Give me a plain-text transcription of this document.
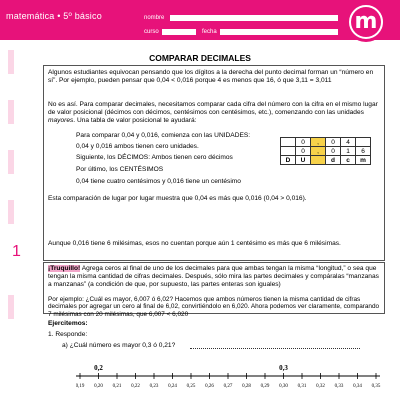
matemática • 5º básico	nombre
curso	fecha	m
1
COMPARAR DECIMALES

Algunos estudiantes equivocan pensando que los dígitos a la derecha del punto decimal forman un “número en sí”. Por ejemplo, pueden pensar que 0,04 < 0,016 porque 4 es menos que 16, ó que 3,11 = 3,011

No es así. Para comparar decimales, necesitamos comparar cada cifra del número con la cifra en el mismo lugar de valor posicional (décimos con décimos, centésimos con centésimos, etc.), comenzando con las unidades mayores. Una tabla de valor posicional te ayudará:

Para comparar 0,04 y 0,016, comienza con las UNIDADES:

0,04 y 0,016 ambos tienen cero unidades.

Siguiente, los DÉCIMOS: Ambos tienen cero décimos

Por último, los CENTÉSIMOS

0,04 tiene cuatro centésimos y 0,016 tiene un centésimo

	0	,	0	4	
	0	,	0	1	6
D	U		d	c	m

Esta comparación de lugar por lugar muestra que 0,04 es más que 0,016 (0,04 > 0,016).

Aunque 0,016 tiene 6 milésimas, esos no cuentan porque aún 1 centésimo es más que 6 milésimas.

¡Truquillo! Agrega ceros al final de uno de los decimales para que ambas tengan la misma “longitud,” o sea que tengan la misma cantidad de cifras decimales. Después, sólo mira las partes decimales y compáralas “manzanas a manzanas” (a condición de que, por supuesto, las partes enteras son iguales)

Por ejemplo: ¿Cuál es mayor, 6,007 ó 6,02? Hacemos que ambos números tienen la misma cantidad de cifras decimales por agregar un cero al final de 6,02, convirtiéndolo en 6,020. Ahora podemos ver claramente, comparando 7 milésimas con 20 milésimas, que 6,007 < 6,020

Ejercitemos:

1. Responde:

a) ¿Cuál número es mayor 0,3 ó 0,21?

0,19 0,20 0,21 0,22 0,23 0,24 0,25 0,26 0,27 0,28 0,29 0,30 0,31 0,32 0,33 0,34 0,35
0,2	0,3
